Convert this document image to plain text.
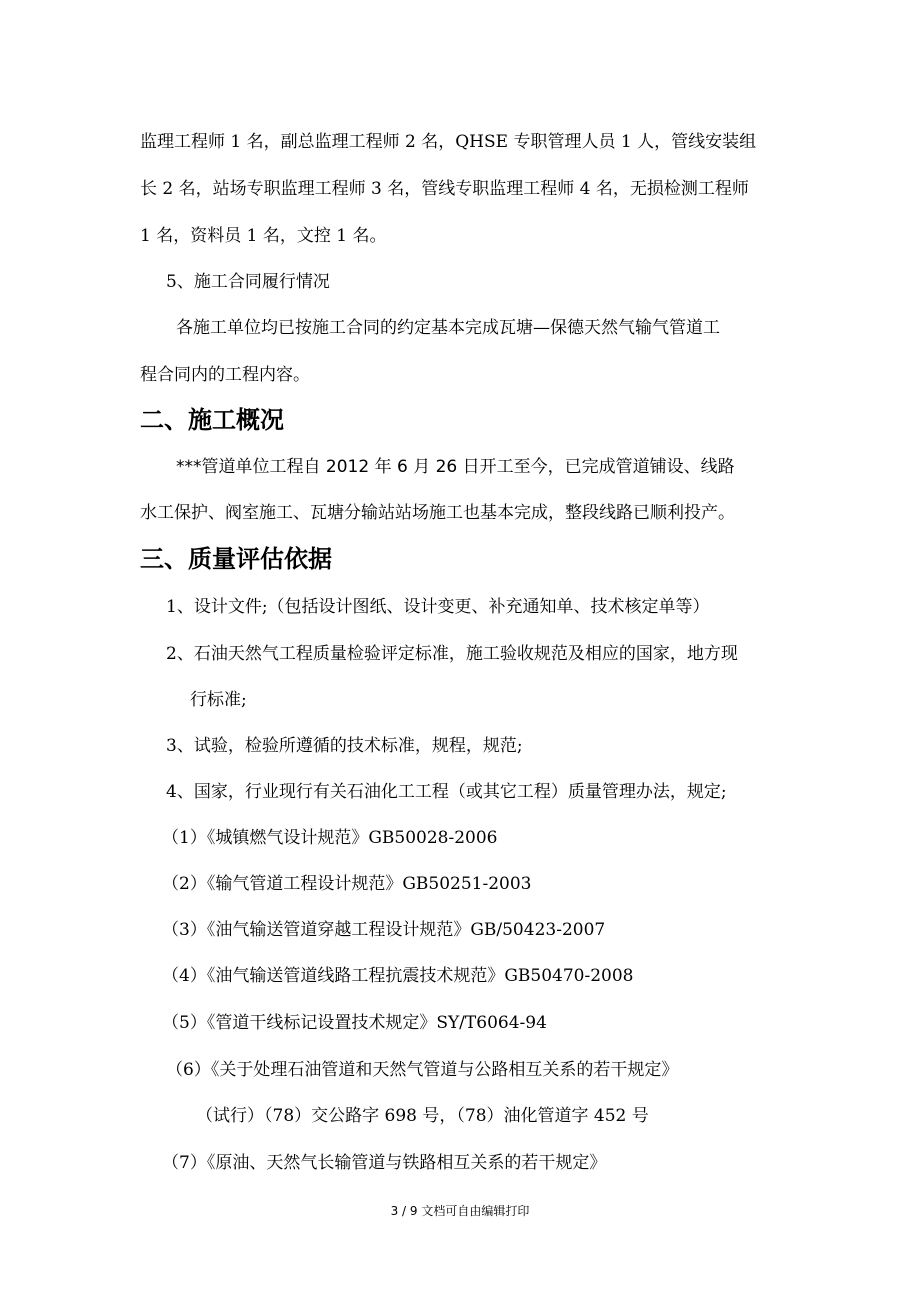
监理工程师 1 名，副总监理工程师 2 名，QHSE 专职管理人员 1 人，管线安装组
长 2 名，站场专职监理工程师 3 名，管线专职监理工程师 4 名，无损检测工程师
1 名，资料员 1 名，文控 1 名。
5、施工合同履行情况
各施工单位均已按施工合同的约定基本完成瓦塘—保德天然气输气管道工
程合同内的工程内容。
二、施工概况
***管道单位工程自 2012 年 6 月 26 日开工至今，已完成管道铺设、线路
水工保护、阀室施工、瓦塘分输站站场施工也基本完成，整段线路已顺利投产。
三、质量评估依据
1、设计文件;（包括设计图纸、设计变更、补充通知单、技术核定单等）
2、石油天然气工程质量检验评定标准，施工验收规范及相应的国家，地方现
行标准;
3、试验，检验所遵循的技术标准，规程，规范;
4、国家，行业现行有关石油化工工程（或其它工程）质量管理办法，规定;
（1）《城镇燃气设计规范》GB50028-2006
（2）《输气管道工程设计规范》GB50251-2003
（3）《油气输送管道穿越工程设计规范》GB/50423-2007
（4）《油气输送管道线路工程抗震技术规范》GB50470-2008
（5）《管道干线标记设置技术规定》SY/T6064-94
（6）《关于处理石油管道和天然气管道与公路相互关系的若干规定》
（试行）（78）交公路字 698 号，（78）油化管道字 452 号
（7）《原油、天然气长输管道与铁路相互关系的若干规定》
3 / 9 文档可自由编辑打印
